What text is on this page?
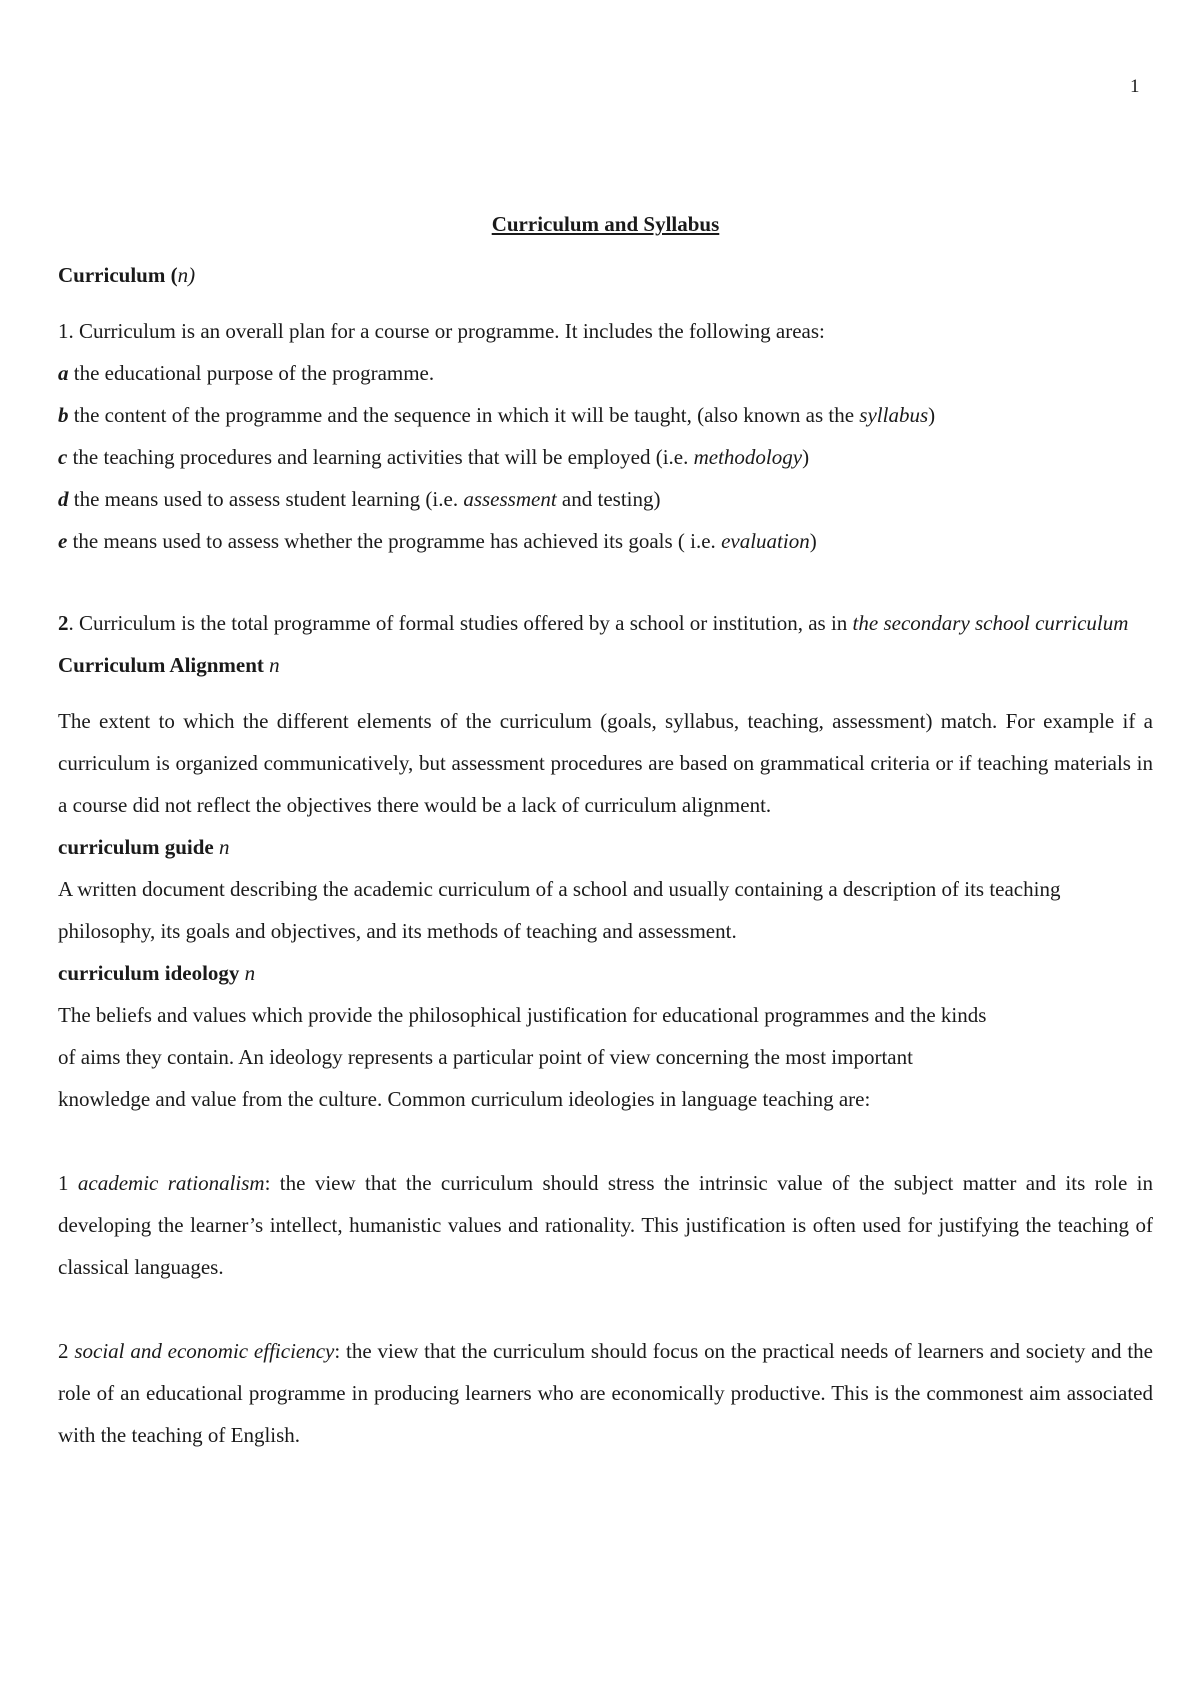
1

Curriculum and Syllabus

Curriculum (n)

1. Curriculum is an overall plan for a course or programme. It includes the following areas:

a the educational purpose of the programme.

b the content of the programme and the sequence in which it will be taught, (also known as the syllabus)

c the teaching procedures and learning activities that will be employed (i.e. methodology)

d the means used to assess student learning (i.e. assessment and testing)

e the means used to assess whether the programme has achieved its goals ( i.e. evaluation)

2. Curriculum is the total programme of formal studies offered by a school or institution, as in the secondary school curriculum

Curriculum Alignment n

The extent to which the different elements of the curriculum (goals, syllabus, teaching, assessment) match. For example if a curriculum is organized communicatively, but assessment procedures are based on grammatical criteria or if teaching materials in a course did not reflect the objectives there would be a lack of curriculum alignment.

curriculum guide n

A written document describing the academic curriculum of a school and usually containing a description of its teaching philosophy, its goals and objectives, and its methods of teaching and assessment.

curriculum ideology n

The beliefs and values which provide the philosophical justification for educational programmes and the kinds

of aims they contain. An ideology represents a particular point of view concerning the most important

knowledge and value from the culture. Common curriculum ideologies in language teaching are:

1 academic rationalism: the view that the curriculum should stress the intrinsic value of the subject matter and its role in developing the learner’s intellect, humanistic values and rationality. This justification is often used for justifying the teaching of classical languages.

2 social and economic efficiency: the view that the curriculum should focus on the practical needs of learners and society and the role of an educational programme in producing learners who are economically productive. This is the commonest aim associated with the teaching of English.
